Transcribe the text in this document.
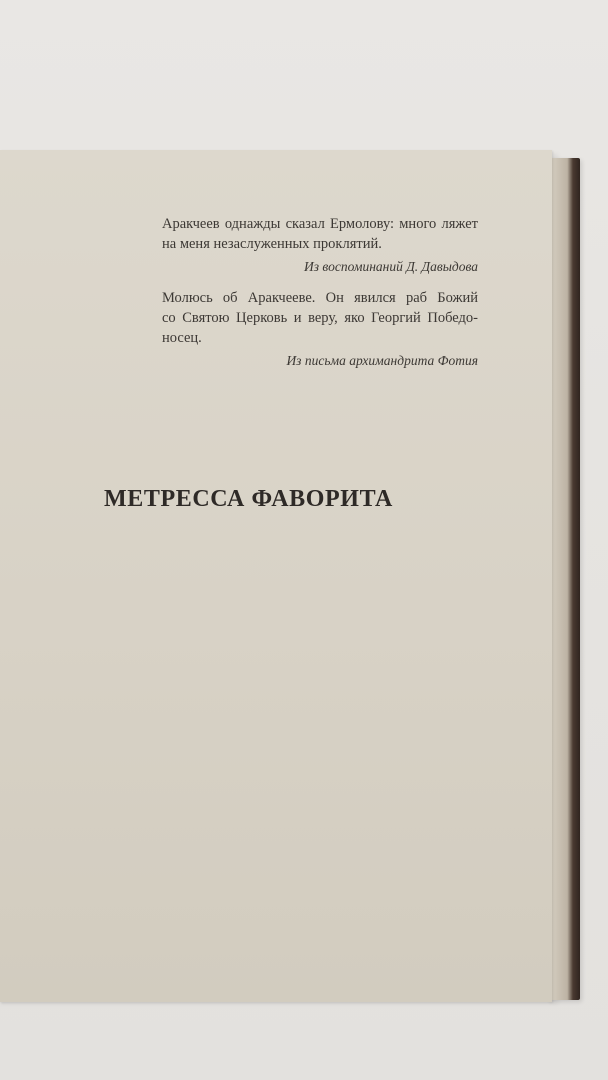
Аракчеев однажды сказал Ермолову: много ляжет
на меня незаслуженных проклятий.
Из воспоминаний Д. Давыдова
Молюсь об Аракчееве. Он явился раб Божий
со Святою Церковь и веру, яко Георгий Победо-
носец.
Из письма архимандрита Фотия
МЕТРЕССА ФАВОРИТА
